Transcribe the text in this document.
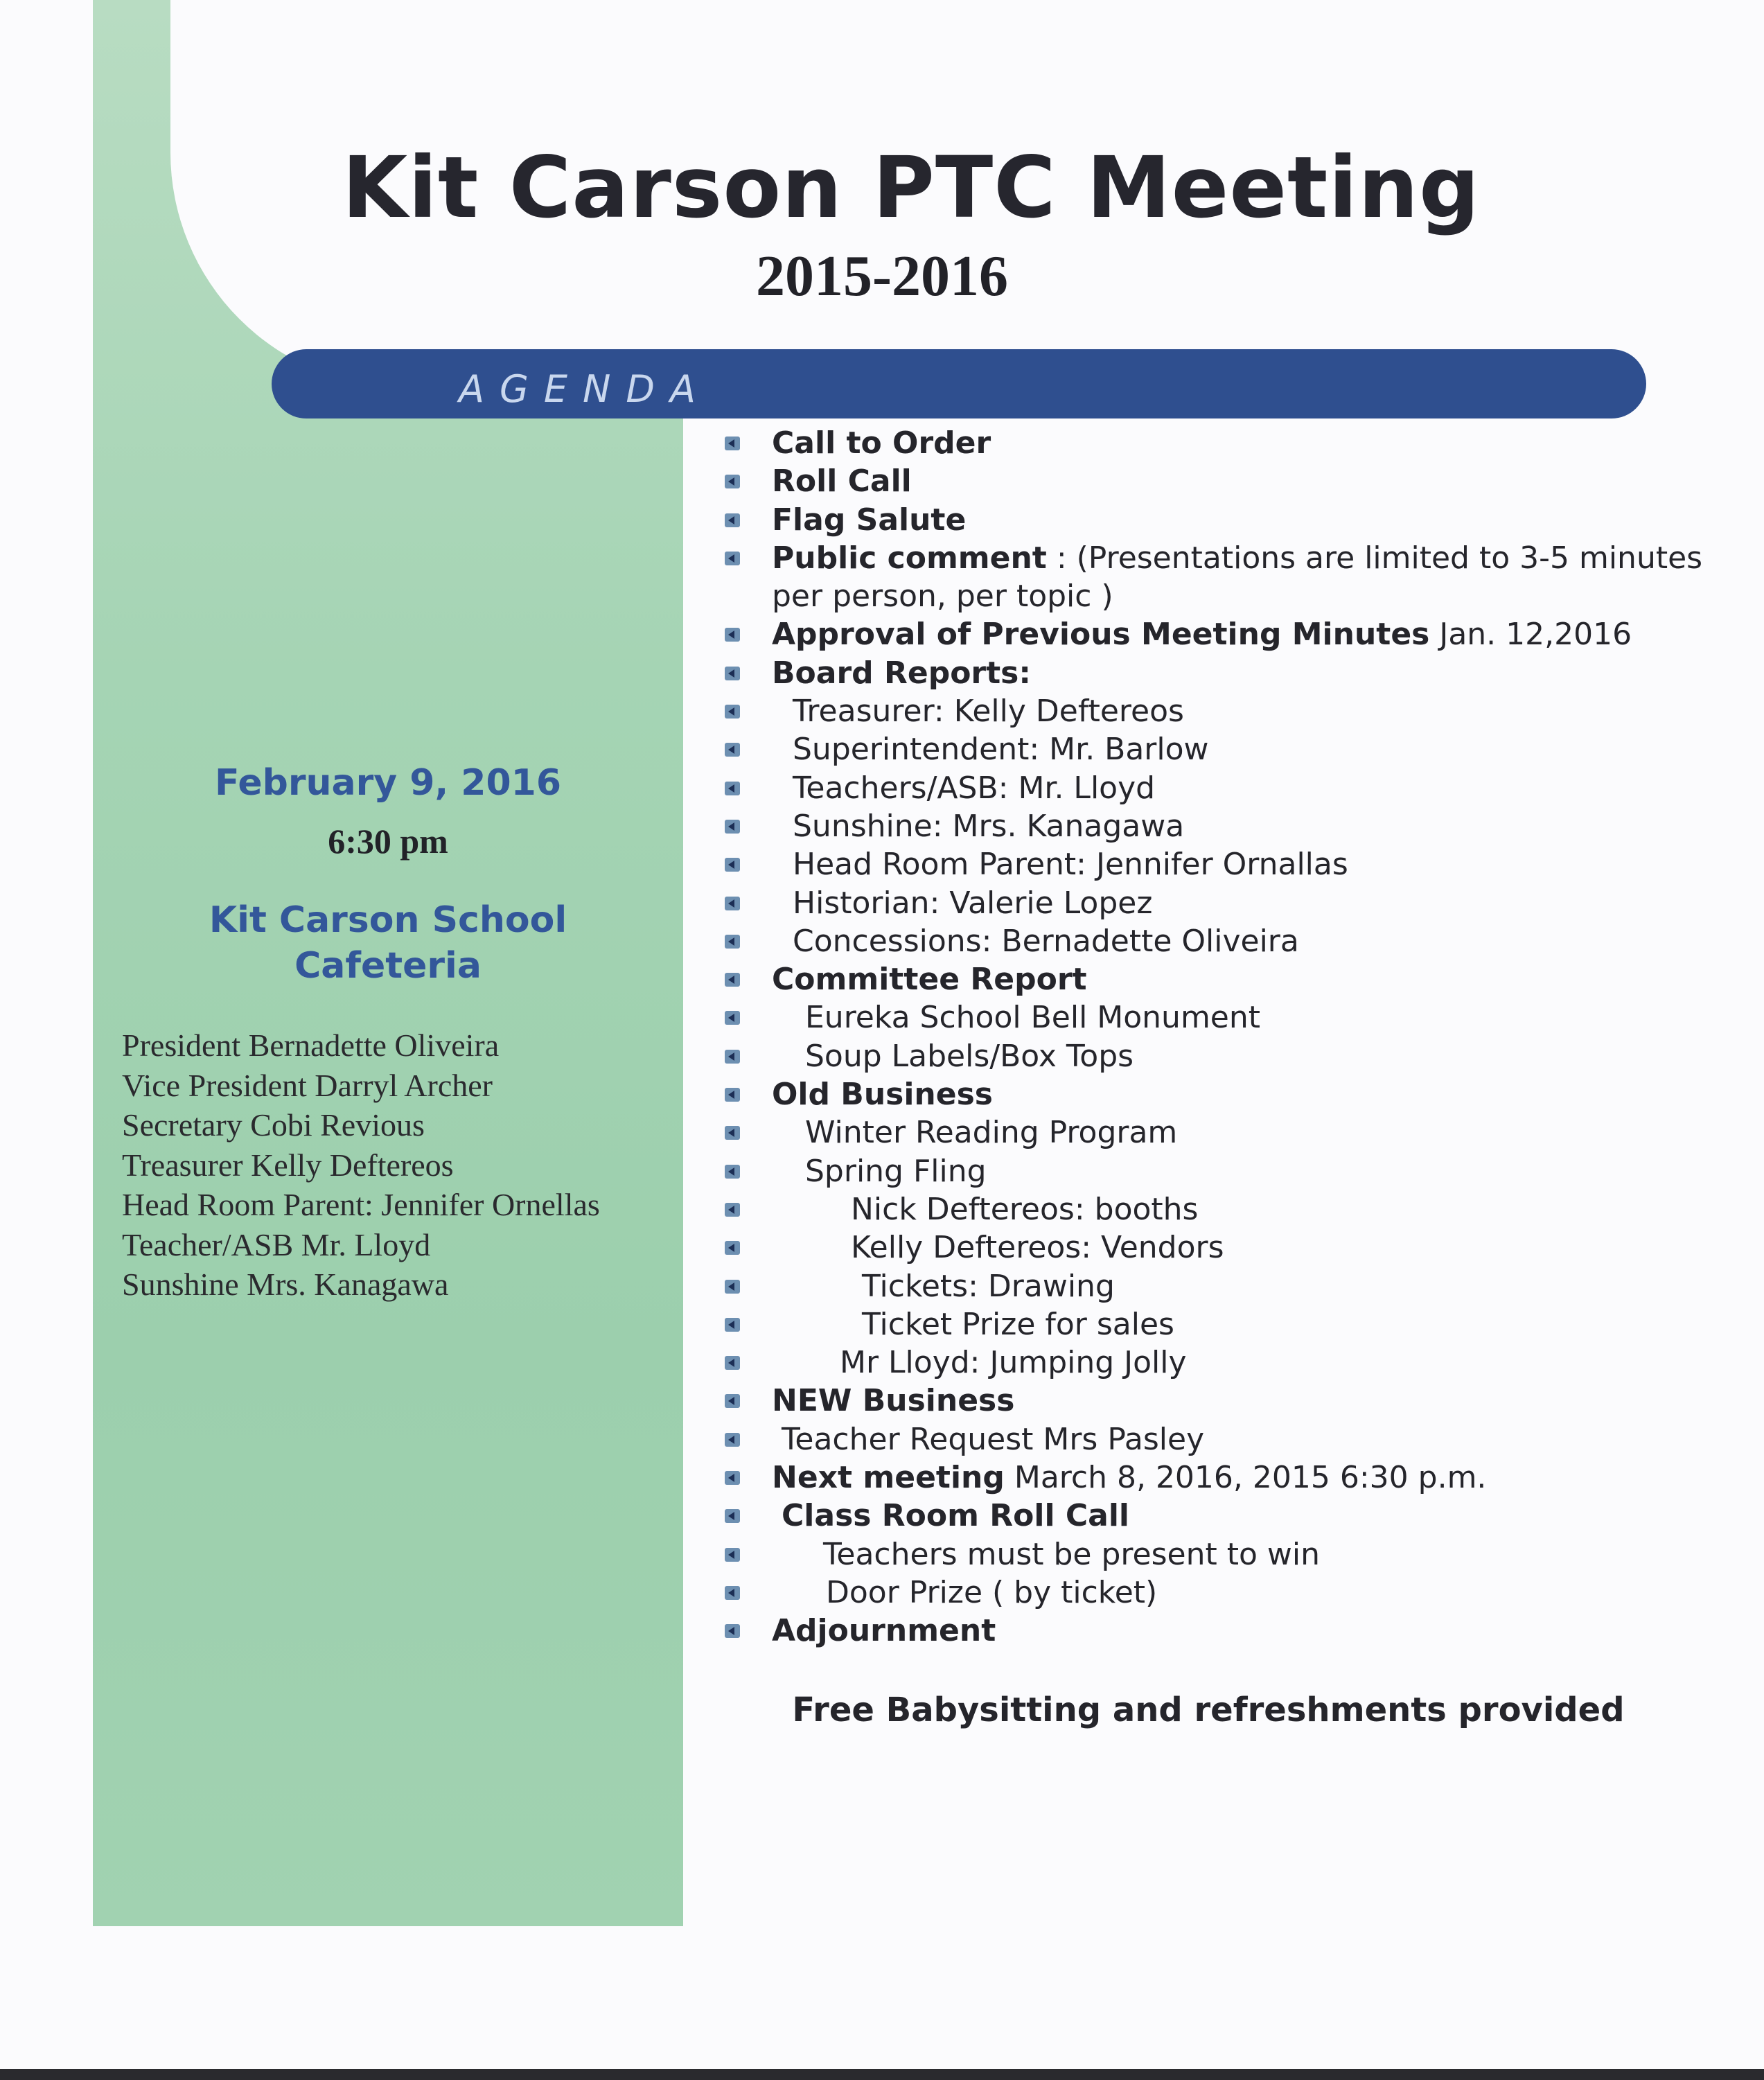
Kit Carson PTC Meeting
2015-2016
AGENDA
February 9, 2016
6:30 pm
Kit Carson School
Cafeteria
President Bernadette Oliveira
Vice President Darryl Archer
Secretary Cobi Revious
Treasurer Kelly Deftereos
Head Room Parent: Jennifer Ornellas
Teacher/ASB Mr. Lloyd
Sunshine Mrs. Kanagawa
Call to Order
Roll Call
Flag Salute
Public comment : (Presentations are limited to 3-5 minutes per person, per topic )
Approval of Previous Meeting Minutes Jan. 12,2016
Board Reports:
Treasurer: Kelly Deftereos
Superintendent: Mr. Barlow
Teachers/ASB: Mr. Lloyd
Sunshine: Mrs. Kanagawa
Head Room Parent: Jennifer Ornallas
Historian: Valerie Lopez
Concessions: Bernadette Oliveira
Committee Report
Eureka School Bell Monument
Soup Labels/Box Tops
Old Business
Winter Reading Program
Spring Fling
Nick Deftereos: booths
Kelly Deftereos: Vendors
Tickets: Drawing
Ticket Prize for sales
Mr Lloyd: Jumping Jolly
NEW Business
Teacher Request Mrs Pasley
Next meeting March 8, 2016, 2015 6:30 p.m.
Class Room Roll Call
Teachers must be present to win
Door Prize ( by ticket)
Adjournment
Free Babysitting and refreshments provided
